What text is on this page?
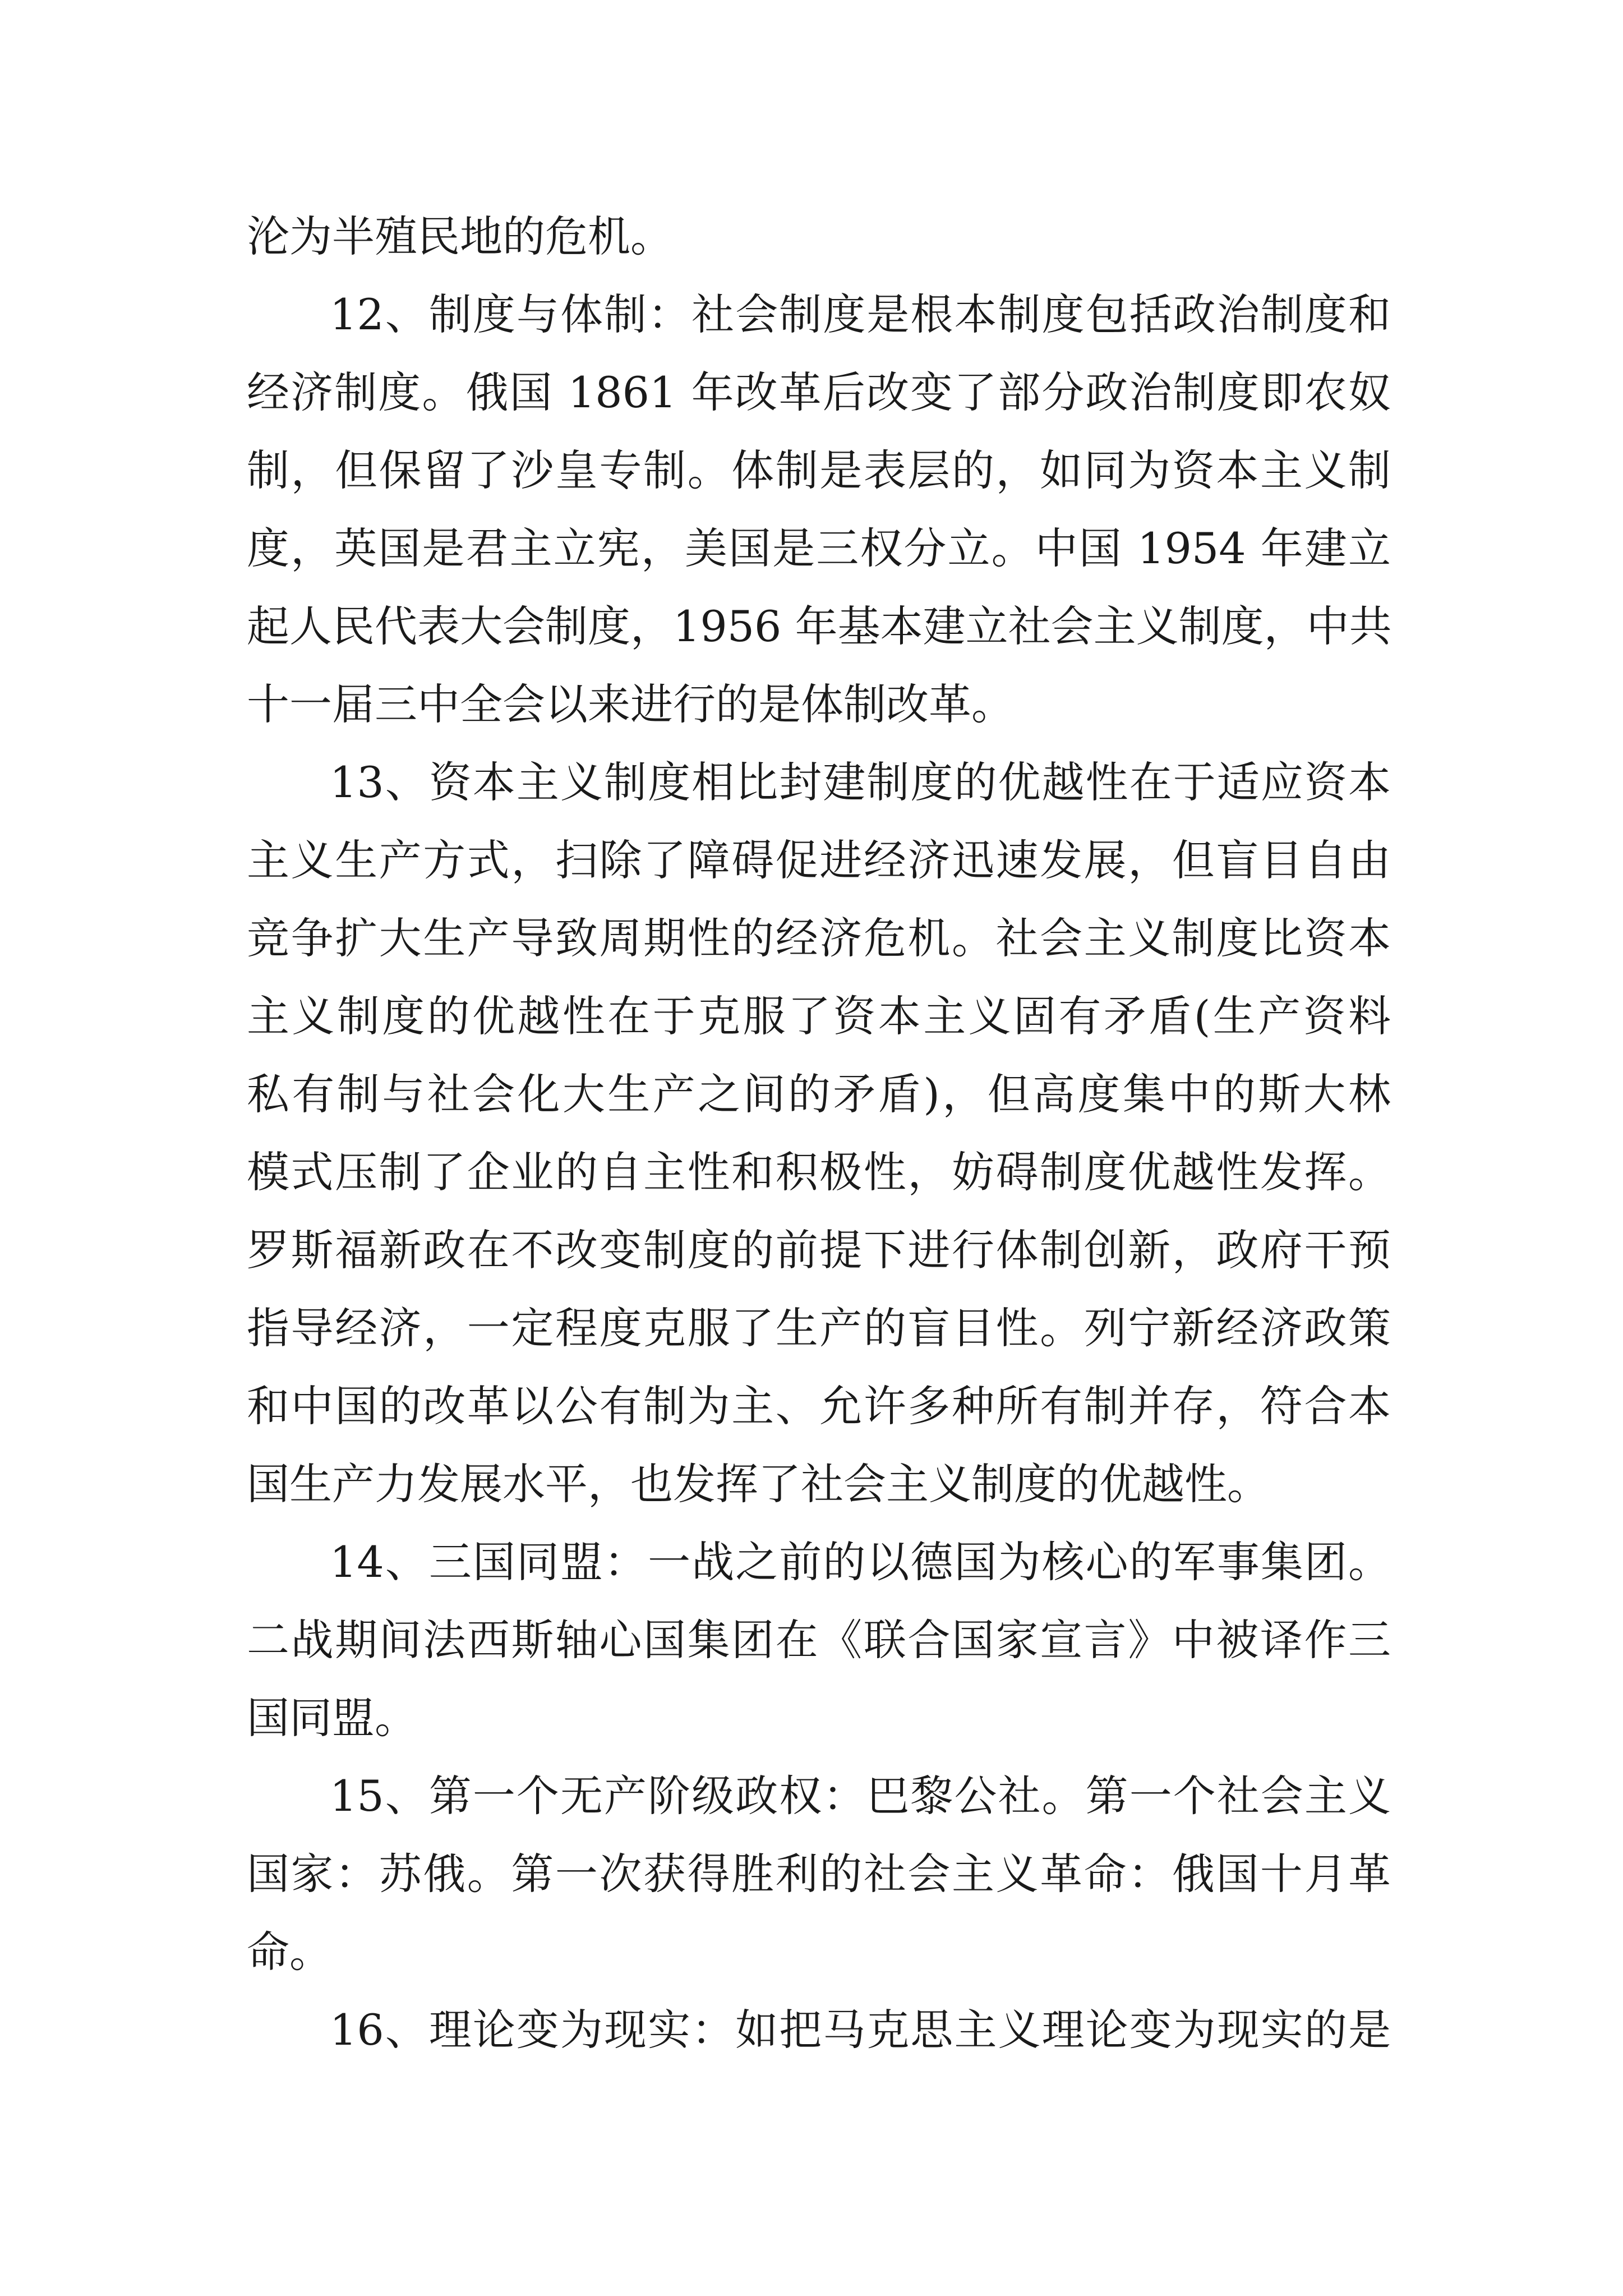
沦为半殖民地的危机。
12、制度与体制：社会制度是根本制度包括政治制度和
经济制度。俄国 1861 年改革后改变了部分政治制度即农奴
制，但保留了沙皇专制。体制是表层的，如同为资本主义制
度，英国是君主立宪，美国是三权分立。中国 1954 年建立
起人民代表大会制度，1956 年基本建立社会主义制度，中共
十一届三中全会以来进行的是体制改革。
13、资本主义制度相比封建制度的优越性在于适应资本
主义生产方式，扫除了障碍促进经济迅速发展，但盲目自由
竞争扩大生产导致周期性的经济危机。社会主义制度比资本
主义制度的优越性在于克服了资本主义固有矛盾(生产资料
私有制与社会化大生产之间的矛盾)，但高度集中的斯大林
模式压制了企业的自主性和积极性，妨碍制度优越性发挥。
罗斯福新政在不改变制度的前提下进行体制创新，政府干预
指导经济，一定程度克服了生产的盲目性。列宁新经济政策
和中国的改革以公有制为主、允许多种所有制并存，符合本
国生产力发展水平，也发挥了社会主义制度的优越性。
14、三国同盟：一战之前的以德国为核心的军事集团。
二战期间法西斯轴心国集团在《联合国家宣言》中被译作三
国同盟。
15、第一个无产阶级政权：巴黎公社。第一个社会主义
国家：苏俄。第一次获得胜利的社会主义革命：俄国十月革
命。
16、理论变为现实：如把马克思主义理论变为现实的是
